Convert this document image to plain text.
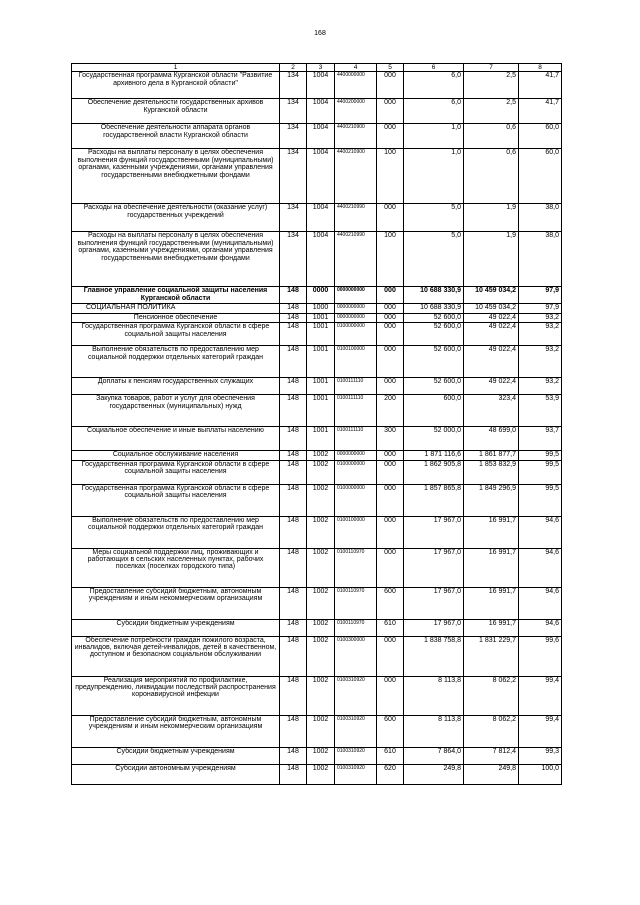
168
1	2	3	4	5	6	7	8
Государственная программа Курганской области "Развитие архивного дела в Курганской области"	134	1004	4400000000	000	6,0	2,5	41,7
Обеспечение деятельности государственных архивов Курганской области	134	1004	4400200000	000	6,0	2,5	41,7
Обеспечение деятельности аппарата органов государственной власти Курганской области	134	1004	4400210900	000	1,0	0,6	60,0
Расходы на выплаты персоналу в целях обеспечения выполнения функций государственными (муниципальными) органами, казенными учреждениями, органами управления государственными внебюджетными фондами	134	1004	4400210900	100	1,0	0,6	60,0
Расходы на обеспечение деятельности (оказание услуг) государственных учреждений	134	1004	4400210990	000	5,0	1,9	38,0
Расходы на выплаты персоналу в целях обеспечения выполнения функций государственными (муниципальными) органами, казенными учреждениями, органами управления государственными внебюджетными фондами	134	1004	4400210990	100	5,0	1,9	38,0
Главное управление социальной защиты населения Курганской области	148	0000	0000000000	000	10 688 330,9	10 459 034,2	97,9
СОЦИАЛЬНАЯ ПОЛИТИКА	148	1000	0000000000	000	10 688 330,9	10 459 034,2	97,9
Пенсионное обеспечение	148	1001	0000000000	000	52 600,0	49 022,4	93,2
Государственная программа Курганской области в сфере социальной защиты населения	148	1001	0100000000	000	52 600,0	49 022,4	93,2
Выполнение обязательств по предоставлению мер социальной поддержки отдельных категорий граждан	148	1001	0100100000	000	52 600,0	49 022,4	93,2
Доплаты к пенсиям государственных служащих	148	1001	0100111110	000	52 600,0	49 022,4	93,2
Закупка товаров, работ и услуг для обеспечения государственных (муниципальных) нужд	148	1001	0100111110	200	600,0	323,4	53,9
Социальное обеспечение и иные выплаты населению	148	1001	0100111110	300	52 000,0	48 699,0	93,7
Социальное обслуживание населения	148	1002	0000000000	000	1 871 116,6	1 861 877,7	99,5
Государственная программа Курганской области в сфере социальной защиты населения	148	1002	0100000000	000	1 862 905,8	1 853 832,9	99,5
Государственная программа Курганской области в сфере социальной защиты населения	148	1002	0100000000	000	1 857 865,8	1 849 296,9	99,5
Выполнение обязательств по предоставлению мер социальной поддержки отдельных категорий граждан	148	1002	0100100000	000	17 967,0	16 991,7	94,6
Меры социальной поддержки лиц, проживающих и работающих в сельских населенных пунктах, рабочих поселках (поселках городского типа)	148	1002	0100110970	000	17 967,0	16 991,7	94,6
Предоставление субсидий бюджетным, автономным учреждениям и иным некоммерческим организациям	148	1002	0100110970	600	17 967,0	16 991,7	94,6
Субсидии бюджетным учреждениям	148	1002	0100110970	610	17 967,0	16 991,7	94,6
Обеспечение потребности граждан пожилого возраста, инвалидов, включая детей-инвалидов, детей в качественном, доступном и безопасном социальном обслуживании	148	1002	0100300000	000	1 838 758,8	1 831 229,7	99,6
Реализация мероприятий по профилактике, предупреждению, ликвидации последствий распространения коронавирусной инфекции	148	1002	0100310920	000	8 113,8	8 062,2	99,4
Предоставление субсидий бюджетным, автономным учреждениям и иным некоммерческим организациям	148	1002	0100310920	600	8 113,8	8 062,2	99,4
Субсидии бюджетным учреждениям	148	1002	0100310920	610	7 864,0	7 812,4	99,3
Субсидии автономным учреждениям	148	1002	0100310920	620	249,8	249,8	100,0
